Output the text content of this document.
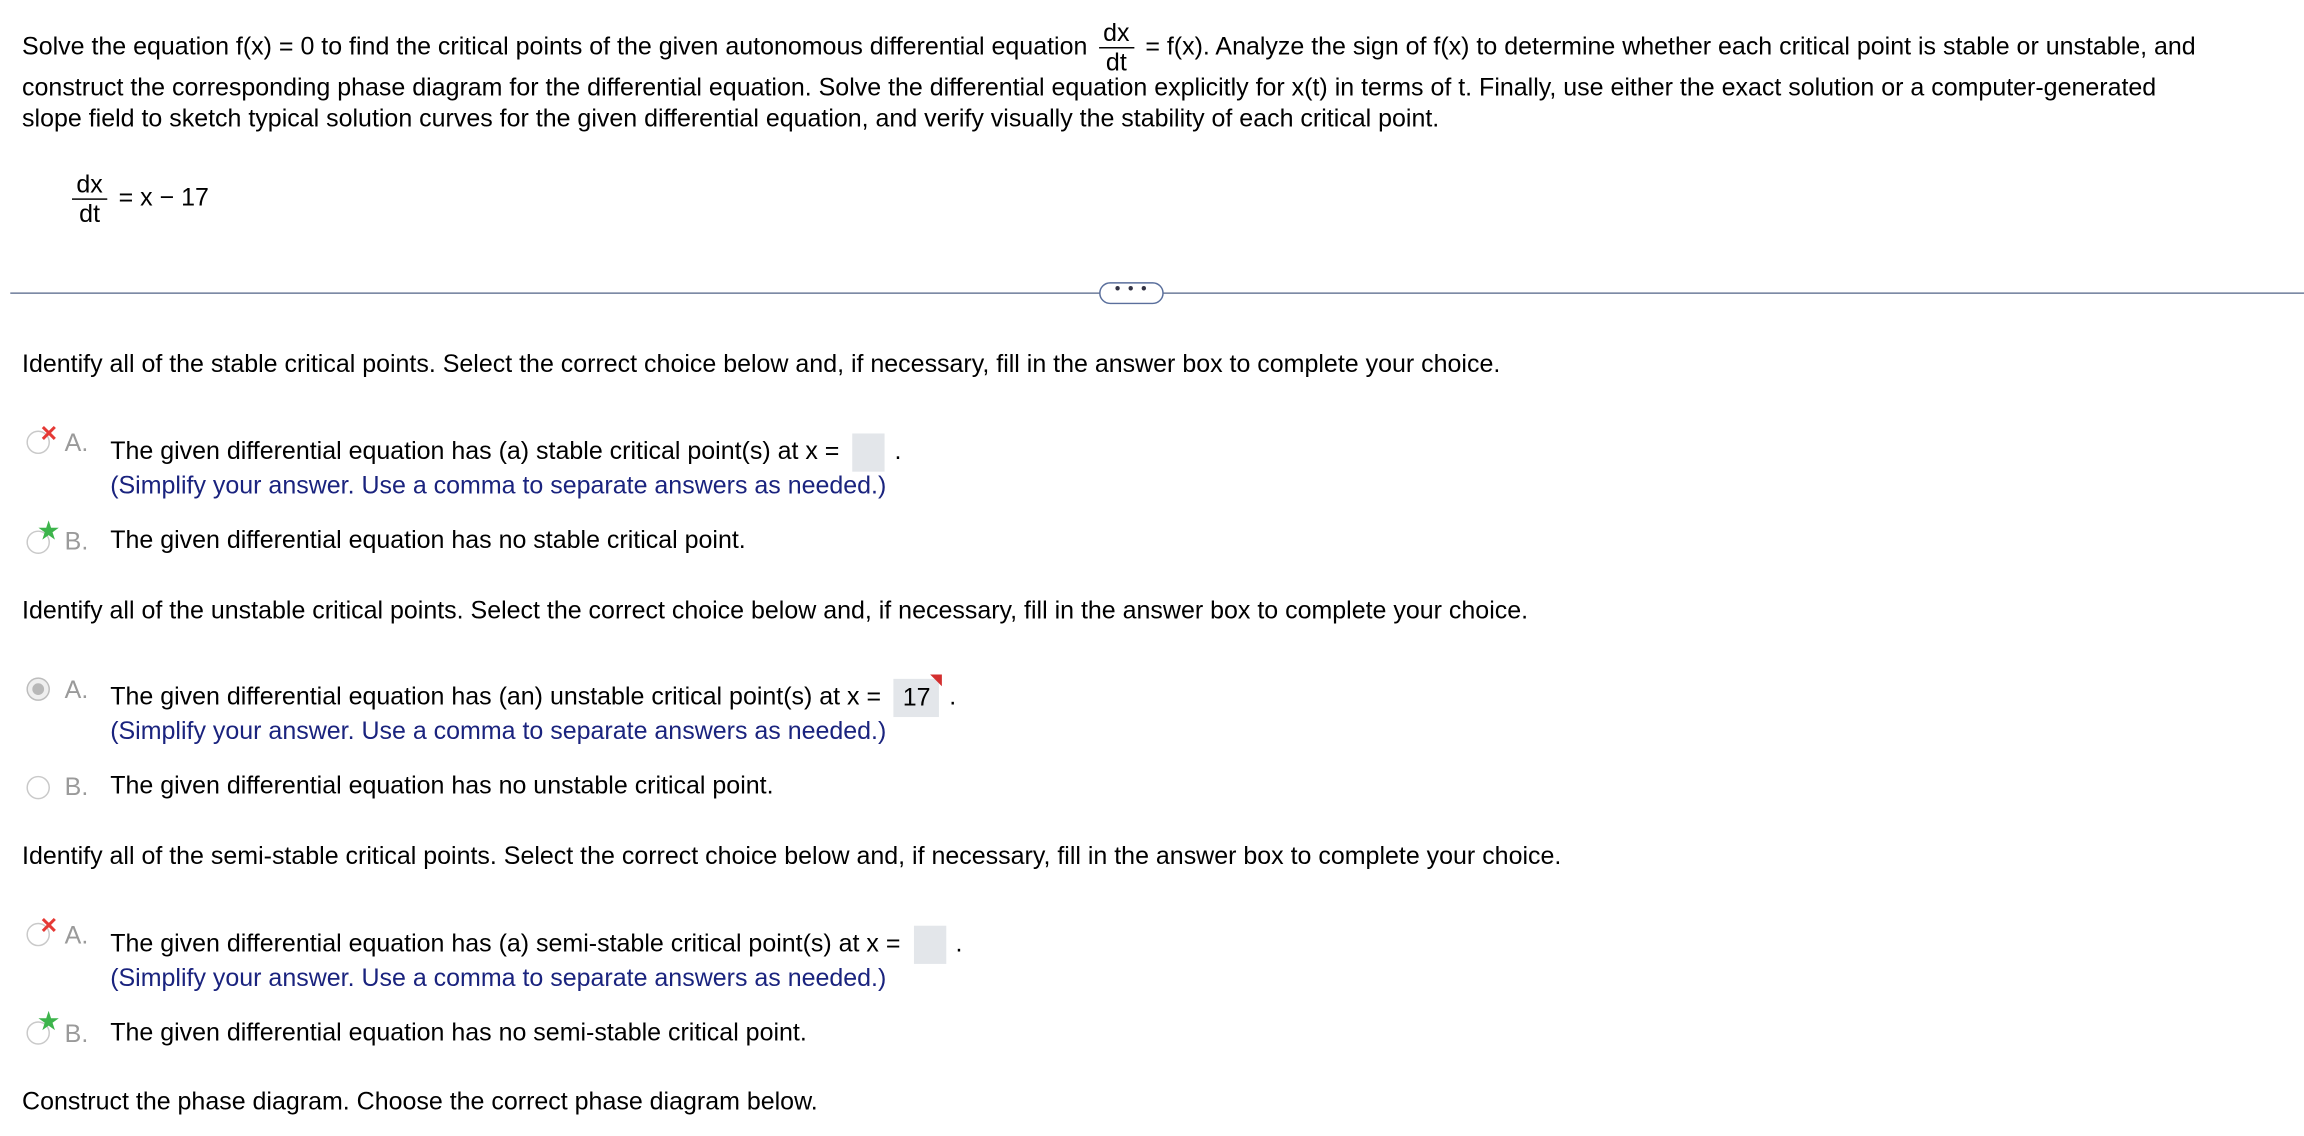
Solve the equation f(x) = 0 to find the critical points of the given autonomous differential equation $\frac{dx}{dt} = f(x)$. Analyze the sign of f(x) to determine whether each critical point is stable or unstable, and
construct the corresponding phase diagram for the differential equation. Solve the differential equation explicitly for x(t) in terms of t. Finally, use either the exact solution or a computer-generated
slope field to sketch typical solution curves for the given differential equation, and verify visually the stability of each critical point.
$\frac{dx}{dt} = x - 17$
• • •
Identify all of the stable critical points. Select the correct choice below and, if necessary, fill in the answer box to complete your choice.
✕ A. The given differential equation has (a) stable critical point(s) at x =	.
(Simplify your answer. Use a comma to separate answers as needed.)
★ B. The given differential equation has no stable critical point.
Identify all of the unstable critical points. Select the correct choice below and, if necessary, fill in the answer box to complete your choice.
A. The given differential equation has (an) unstable critical point(s) at x = 17 .
(Simplify your answer. Use a comma to separate answers as needed.)
B. The given differential equation has no unstable critical point.
Identify all of the semi-stable critical points. Select the correct choice below and, if necessary, fill in the answer box to complete your choice.
✕ A. The given differential equation has (a) semi-stable critical point(s) at x =	.
(Simplify your answer. Use a comma to separate answers as needed.)
★ B. The given differential equation has no semi-stable critical point.
Construct the phase diagram. Choose the correct phase diagram below.
